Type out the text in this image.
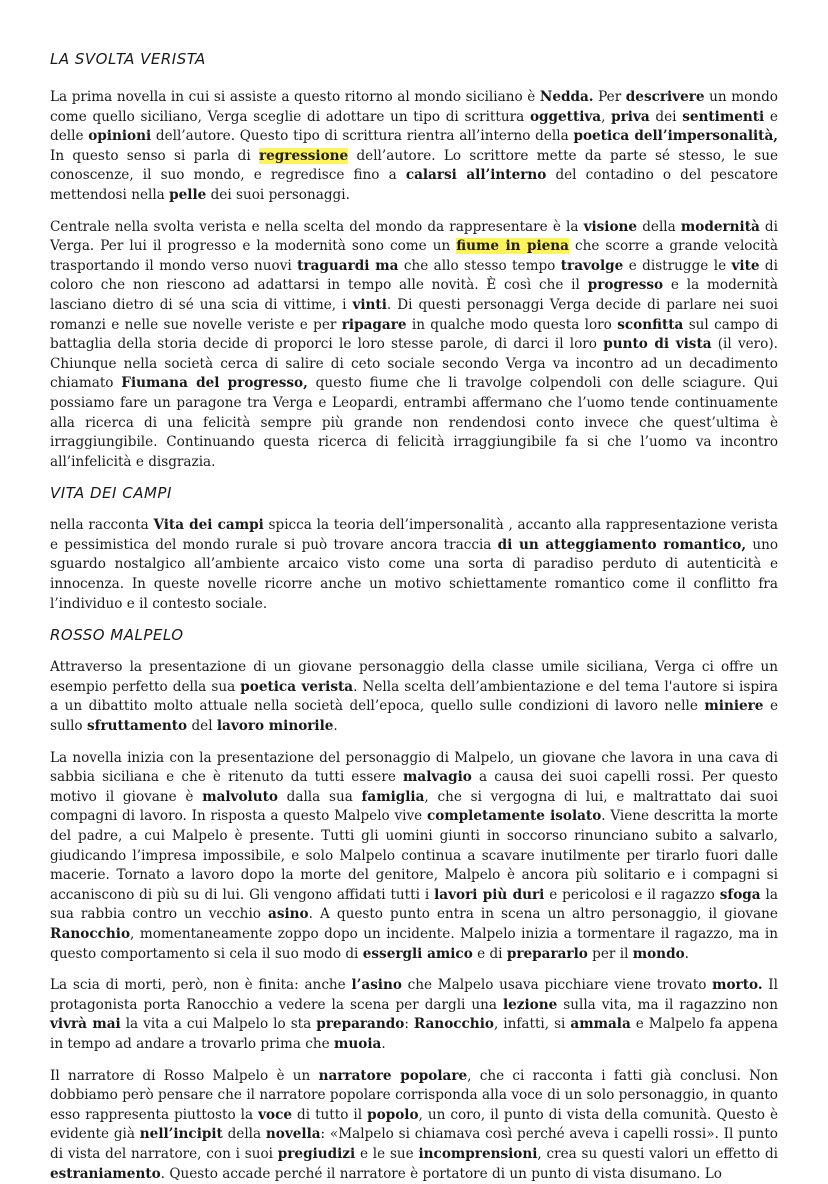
LA SVOLTA VERISTA

La prima novella in cui si assiste a questo ritorno al mondo siciliano è Nedda. Per descrivere un mondo come quello siciliano, Verga sceglie di adottare un tipo di scrittura oggettiva, priva dei sentimenti e delle opinioni dell’autore. Questo tipo di scrittura rientra all’interno della poetica dell’impersonalità, In questo senso si parla di regressione dell’autore. Lo scrittore mette da parte sé stesso, le sue conoscenze, il suo mondo, e regredisce fino a calarsi all’interno del contadino o del pescatore mettendosi nella pelle dei suoi personaggi.

Centrale nella svolta verista e nella scelta del mondo da rappresentare è la visione della modernità di Verga. Per lui il progresso e la modernità sono come un fiume in piena che scorre a grande velocità trasportando il mondo verso nuovi traguardi ma che allo stesso tempo travolge e distrugge le vite di coloro che non riescono ad adattarsi in tempo alle novità. È così che il progresso e la modernità lasciano dietro di sé una scia di vittime, i vinti. Di questi personaggi Verga decide di parlare nei suoi romanzi e nelle sue novelle veriste e per ripagare in qualche modo questa loro sconfitta sul campo di battaglia della storia decide di proporci le loro stesse parole, di darci il loro punto di vista (il vero). Chiunque nella società cerca di salire di ceto sociale secondo Verga va incontro ad un decadimento chiamato Fiumana del progresso, questo fiume che li travolge colpendoli con delle sciagure. Qui possiamo fare un paragone tra Verga e Leopardi, entrambi affermano che l’uomo tende continuamente alla ricerca di una felicità sempre più grande non rendendosi conto invece che quest’ultima è irraggiungibile. Continuando questa ricerca di felicità irraggiungibile fa si che l’uomo va incontro all’infelicità e disgrazia.

VITA DEI CAMPI

nella racconta Vita dei campi spicca la teoria dell’impersonalità , accanto alla rappresentazione verista e pessimistica del mondo rurale si può trovare ancora traccia di un atteggiamento romantico, uno sguardo nostalgico all’ambiente arcaico visto come una sorta di paradiso perduto di autenticità e innocenza. In queste novelle ricorre anche un motivo schiettamente romantico come il conflitto fra l’individuo e il contesto sociale.

ROSSO MALPELO

Attraverso la presentazione di un giovane personaggio della classe umile siciliana, Verga ci offre un esempio perfetto della sua poetica verista. Nella scelta dell’ambientazione e del tema l'autore si ispira a un dibattito molto attuale nella società dell’epoca, quello sulle condizioni di lavoro nelle miniere e sullo sfruttamento del lavoro minorile.

La novella inizia con la presentazione del personaggio di Malpelo, un giovane che lavora in una cava di sabbia siciliana e che è ritenuto da tutti essere malvagio a causa dei suoi capelli rossi. Per questo motivo il giovane è malvoluto dalla sua famiglia, che si vergogna di lui, e maltrattato dai suoi compagni di lavoro. In risposta a questo Malpelo vive completamente isolato. Viene descritta la morte del padre, a cui Malpelo è presente. Tutti gli uomini giunti in soccorso rinunciano subito a salvarlo, giudicando l’impresa impossibile, e solo Malpelo continua a scavare inutilmente per tirarlo fuori dalle macerie. Tornato a lavoro dopo la morte del genitore, Malpelo è ancora più solitario e i compagni si accaniscono di più su di lui. Gli vengono affidati tutti i lavori più duri e pericolosi e il ragazzo sfoga la sua rabbia contro un vecchio asino. A questo punto entra in scena un altro personaggio, il giovane Ranocchio, momentaneamente zoppo dopo un incidente. Malpelo inizia a tormentare il ragazzo, ma in questo comportamento si cela il suo modo di essergli amico e di prepararlo per il mondo.

La scia di morti, però, non è finita: anche l’asino che Malpelo usava picchiare viene trovato morto. Il protagonista porta Ranocchio a vedere la scena per dargli una lezione sulla vita, ma il ragazzino non vivrà mai la vita a cui Malpelo lo sta preparando: Ranocchio, infatti, si ammala e Malpelo fa appena in tempo ad andare a trovarlo prima che muoia.

Il narratore di Rosso Malpelo è un narratore popolare, che ci racconta i fatti già conclusi. Non dobbiamo però pensare che il narratore popolare corrisponda alla voce di un solo personaggio, in quanto esso rappresenta piuttosto la voce di tutto il popolo, un coro, il punto di vista della comunità. Questo è evidente già nell’incipit della novella: «Malpelo si chiamava così perché aveva i capelli rossi». Il punto di vista del narratore, con i suoi pregiudizi e le sue incomprensioni, crea su questi valori un effetto di estraniamento. Questo accade perché il narratore è portatore di un punto di vista disumano. Lo
